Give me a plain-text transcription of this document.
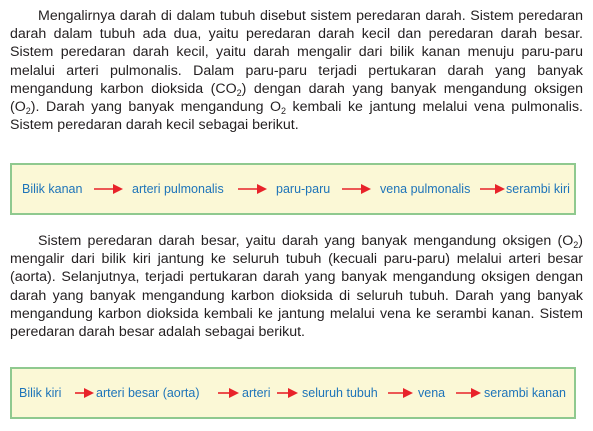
Mengalirnya darah di dalam tubuh disebut sistem peredaran darah. Sistem peredaran darah dalam tubuh ada dua, yaitu peredaran darah kecil dan peredaran darah besar. Sistem peredaran darah kecil, yaitu darah mengalir dari bilik kanan menuju paru-paru melalui arteri pulmonalis. Dalam paru-paru terjadi pertukaran darah yang banyak mengandung karbon dioksida $(CO_2)$ dengan darah yang banyak mengandung oksigen $(O_2)$. Darah yang banyak mengandung $O_2$ kembali ke jantung melalui vena pulmonalis. Sistem peredaran darah kecil sebagai berikut.

Bilik kanan	arteri pulmonalis	paru-paru	vena pulmonalis	serambi kiri

Sistem peredaran darah besar, yaitu darah yang banyak mengandung oksigen $(O_2)$ mengalir dari bilik kiri jantung ke seluruh tubuh (kecuali paru-paru) melalui arteri besar (aorta). Selanjutnya, terjadi pertukaran darah yang banyak mengandung oksigen dengan darah yang banyak mengandung karbon dioksida di seluruh tubuh. Darah yang banyak mengandung karbon dioksida kembali ke jantung melalui vena ke serambi kanan. Sistem peredaran darah besar adalah sebagai berikut.

Bilik kiri	arteri besar (aorta)	arteri	seluruh tubuh	vena	serambi kanan
